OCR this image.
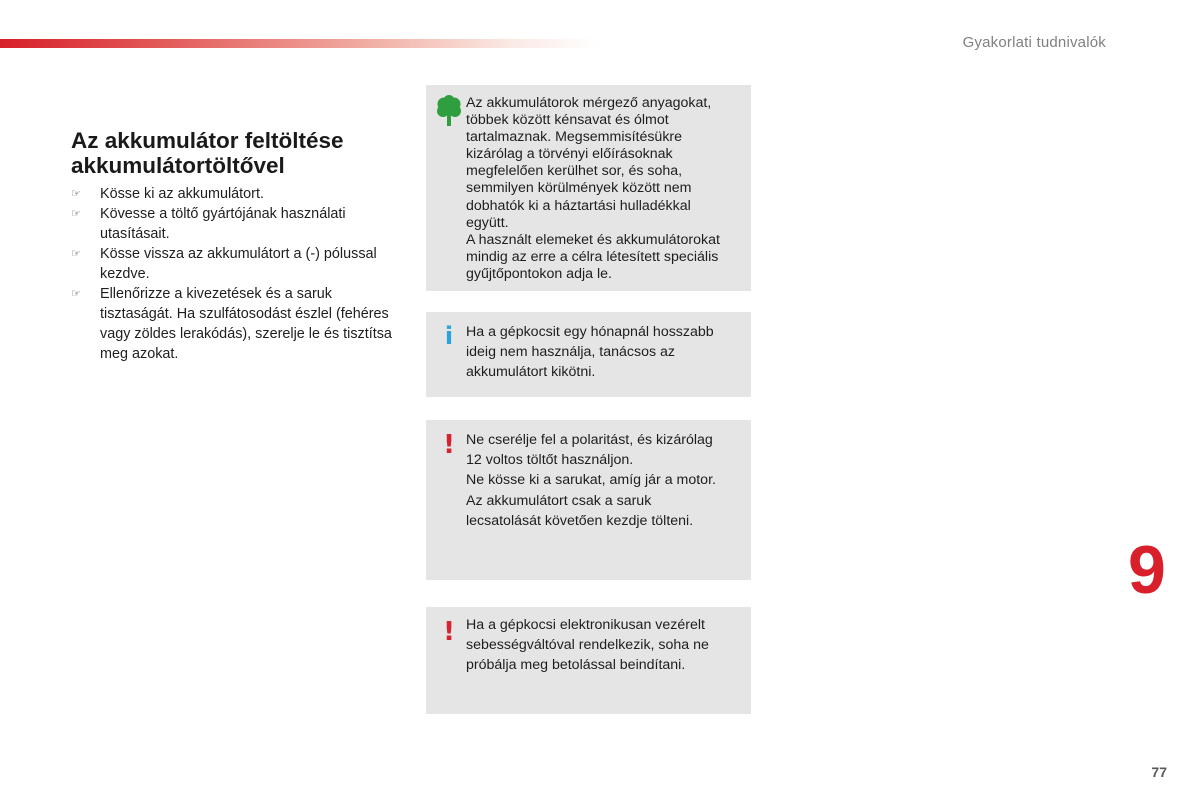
Gyakorlati tudnivalók
Az akkumulátor feltöltése akkumulátortöltővel
☞ Kösse ki az akkumulátort.
☞ Kövesse a töltő gyártójának használati utasításait.
☞ Kösse vissza az akkumulátort a (-) pólussal kezdve.
☞ Ellenőrizze a kivezetések és a saruk tisztaságát. Ha szulfátosodást észlel (fehéres vagy zöldes lerakódás), szerelje le és tisztítsa meg azokat.
Az akkumulátorok mérgező anyagokat,
többek között kénsavat és ólmot
tartalmaznak. Megsemmisítésükre
kizárólag a törvényi előírásoknak
megfelelően kerülhet sor, és soha,
semmilyen körülmények között nem
dobhatók ki a háztartási hulladékkal
együtt.
A használt elemeket és akkumulátorokat
mindig az erre a célra létesített speciális
gyűjtőpontokon adja le.
i Ha a gépkocsit egy hónapnál hosszabb
ideig nem használja, tanácsos az
akkumulátort kikötni.
! Ne cserélje fel a polaritást, és kizárólag
12 voltos töltőt használjon.
Ne kösse ki a sarukat, amíg jár a motor.
Az akkumulátort csak a saruk
lecsatolását követően kezdje tölteni.
! Ha a gépkocsi elektronikusan vezérelt
sebességváltóval rendelkezik, soha ne
próbálja meg betolással beindítani.
9
77
